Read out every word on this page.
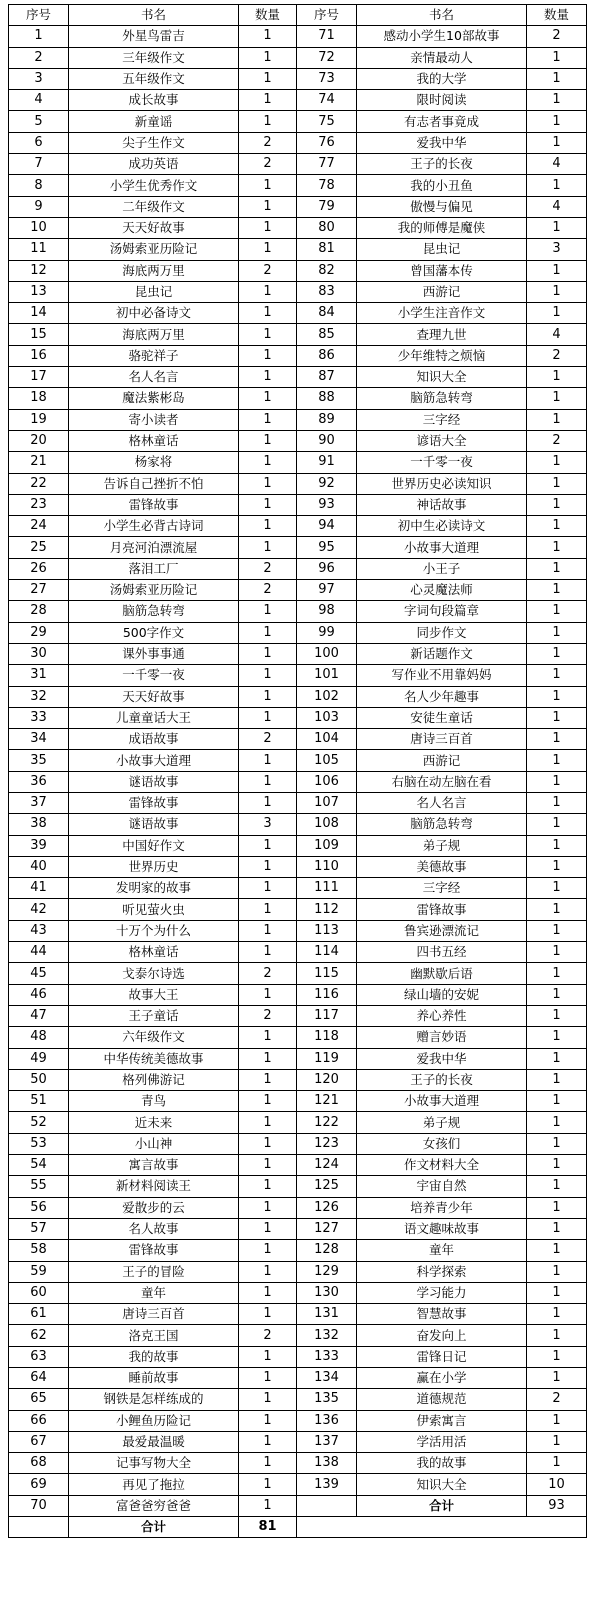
序号	书名	数量	序号	书名	数量
1	外星鸟雷吉	1	71	感动小学生10部故事	2
2	三年级作文	1	72	亲情最动人	1
3	五年级作文	1	73	我的大学	1
4	成长故事	1	74	限时阅读	1
5	新童谣	1	75	有志者事竟成	1
6	尖子生作文	2	76	爱我中华	1
7	成功英语	2	77	王子的长夜	4
8	小学生优秀作文	1	78	我的小丑鱼	1
9	二年级作文	1	79	傲慢与偏见	4
10	天天好故事	1	80	我的师傅是魔侠	1
11	汤姆索亚历险记	1	81	昆虫记	3
12	海底两万里	2	82	曾国藩本传	1
13	昆虫记	1	83	西游记	1
14	初中必备诗文	1	84	小学生注音作文	1
15	海底两万里	1	85	查理九世	4
16	骆驼祥子	1	86	少年维特之烦恼	2
17	名人名言	1	87	知识大全	1
18	魔法紫彬岛	1	88	脑筋急转弯	1
19	寄小读者	1	89	三字经	1
20	格林童话	1	90	谚语大全	2
21	杨家将	1	91	一千零一夜	1
22	告诉自己挫折不怕	1	92	世界历史必读知识	1
23	雷锋故事	1	93	神话故事	1
24	小学生必背古诗词	1	94	初中生必读诗文	1
25	月亮河泊漂流屋	1	95	小故事大道理	1
26	落泪工厂	2	96	小王子	1
27	汤姆索亚历险记	2	97	心灵魔法师	1
28	脑筋急转弯	1	98	字词句段篇章	1
29	500字作文	1	99	同步作文	1
30	课外事事通	1	100	新话题作文	1
31	一千零一夜	1	101	写作业不用靠妈妈	1
32	天天好故事	1	102	名人少年趣事	1
33	儿童童话大王	1	103	安徒生童话	1
34	成语故事	2	104	唐诗三百首	1
35	小故事大道理	1	105	西游记	1
36	谜语故事	1	106	右脑在动左脑在看	1
37	雷锋故事	1	107	名人名言	1
38	谜语故事	3	108	脑筋急转弯	1
39	中国好作文	1	109	弟子规	1
40	世界历史	1	110	美德故事	1
41	发明家的故事	1	111	三字经	1
42	听见萤火虫	1	112	雷锋故事	1
43	十万个为什么	1	113	鲁宾逊漂流记	1
44	格林童话	1	114	四书五经	1
45	戈泰尔诗选	2	115	幽默歇后语	1
46	故事大王	1	116	绿山墙的安妮	1
47	王子童话	2	117	养心养性	1
48	六年级作文	1	118	赠言妙语	1
49	中华传统美德故事	1	119	爱我中华	1
50	格列佛游记	1	120	王子的长夜	1
51	青鸟	1	121	小故事大道理	1
52	近未来	1	122	弟子规	1
53	小山神	1	123	女孩们	1
54	寓言故事	1	124	作文材料大全	1
55	新材料阅读王	1	125	宇宙自然	1
56	爱散步的云	1	126	培养青少年	1
57	名人故事	1	127	语文趣味故事	1
58	雷锋故事	1	128	童年	1
59	王子的冒险	1	129	科学探索	1
60	童年	1	130	学习能力	1
61	唐诗三百首	1	131	智慧故事	1
62	洛克王国	2	132	奋发向上	1
63	我的故事	1	133	雷锋日记	1
64	睡前故事	1	134	赢在小学	1
65	钢铁是怎样练成的	1	135	道德规范	2
66	小鲤鱼历险记	1	136	伊索寓言	1
67	最爱最温暖	1	137	学活用活	1
68	记事写物大全	1	138	我的故事	1
69	再见了拖拉	1	139	知识大全	10
70	富爸爸穷爸爸	1		合计	93
	合计	81			
